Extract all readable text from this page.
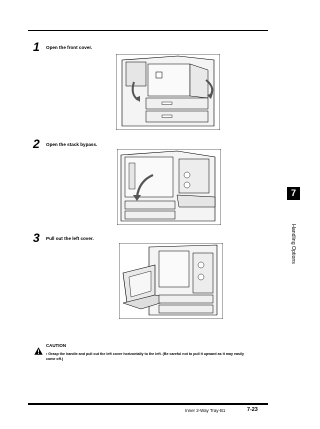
1 Open the front cover.
2 Open the stack bypass.
3 Pull out the left cover.
7
Handling Options
CAUTION
• Grasp the handle and pull out the left cover horizontally to the left. (Be careful not to pull it upward as it may easily come off.)
Inner 2-Way Tray-B1	7-23
